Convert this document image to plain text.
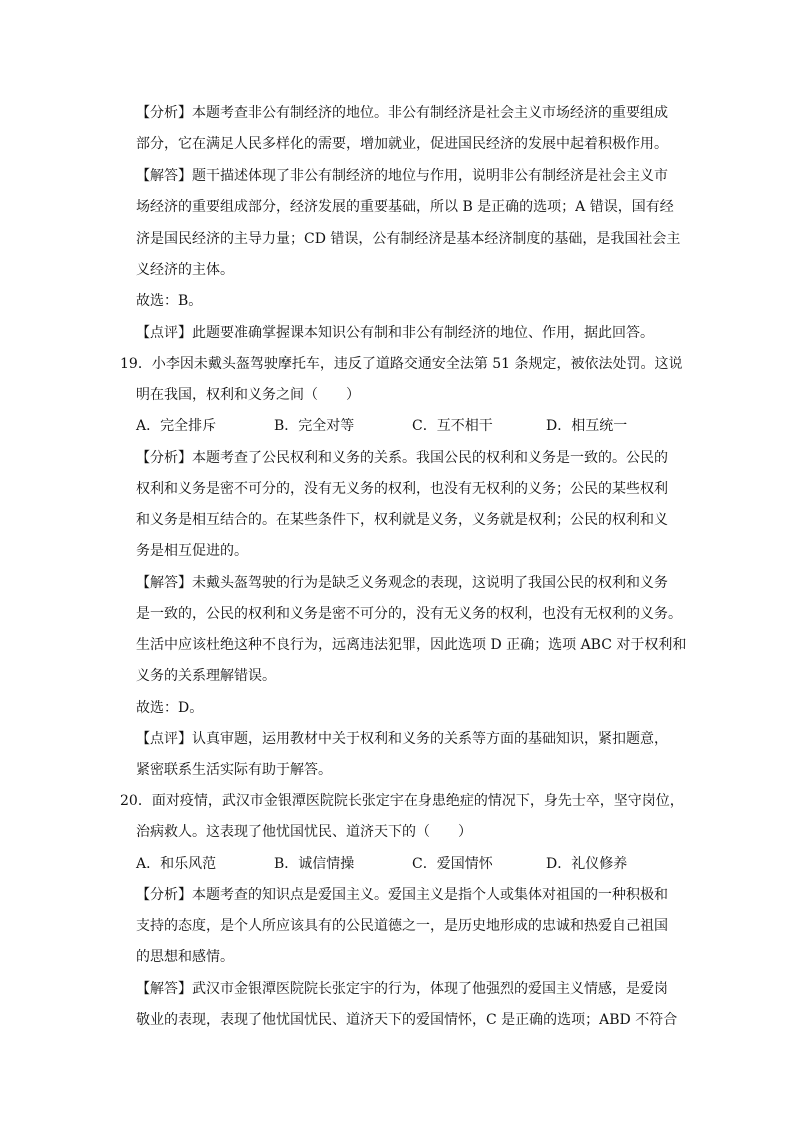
【分析】本题考查非公有制经济的地位。非公有制经济是社会主义市场经济的重要组成
部分，它在满足人民多样化的需要，增加就业，促进国民经济的发展中起着积极作用。
【解答】题干描述体现了非公有制经济的地位与作用，说明非公有制经济是社会主义市
场经济的重要组成部分，经济发展的重要基础，所以 B 是正确的选项；A 错误，国有经
济是国民经济的主导力量；CD 错误，公有制经济是基本经济制度的基础，是我国社会主
义经济的主体。
故选：B。
【点评】此题要准确掌握课本知识公有制和非公有制经济的地位、作用，据此回答。
19．小李因未戴头盔驾驶摩托车，违反了道路交通安全法第 51 条规定，被依法处罚。这说
明在我国，权利和义务之间（　　）
A．完全排斥	B．完全对等	C．互不相干	D．相互统一
【分析】本题考查了公民权利和义务的关系。我国公民的权利和义务是一致的。公民的
权利和义务是密不可分的，没有无义务的权利，也没有无权利的义务；公民的某些权利
和义务是相互结合的。在某些条件下，权利就是义务，义务就是权利；公民的权利和义
务是相互促进的。
【解答】未戴头盔驾驶的行为是缺乏义务观念的表现，这说明了我国公民的权利和义务
是一致的，公民的权利和义务是密不可分的，没有无义务的权利，也没有无权利的义务。
生活中应该杜绝这种不良行为，远离违法犯罪，因此选项 D 正确；选项 ABC 对于权利和
义务的关系理解错误。
故选：D。
【点评】认真审题，运用教材中关于权利和义务的关系等方面的基础知识，紧扣题意，
紧密联系生活实际有助于解答。
20．面对疫情，武汉市金银潭医院院长张定宇在身患绝症的情况下，身先士卒，坚守岗位，
治病救人。这表现了他忧国忧民、道济天下的（　　）
A．和乐风范	B．诚信情操	C．爱国情怀	D．礼仪修养
【分析】本题考查的知识点是爱国主义。爱国主义是指个人或集体对祖国的一种积极和
支持的态度，是个人所应该具有的公民道德之一，是历史地形成的忠诚和热爱自己祖国
的思想和感情。
【解答】武汉市金银潭医院院长张定宇的行为，体现了他强烈的爱国主义情感，是爱岗
敬业的表现，表现了他忧国忧民、道济天下的爱国情怀，C 是正确的选项；ABD 不符合
